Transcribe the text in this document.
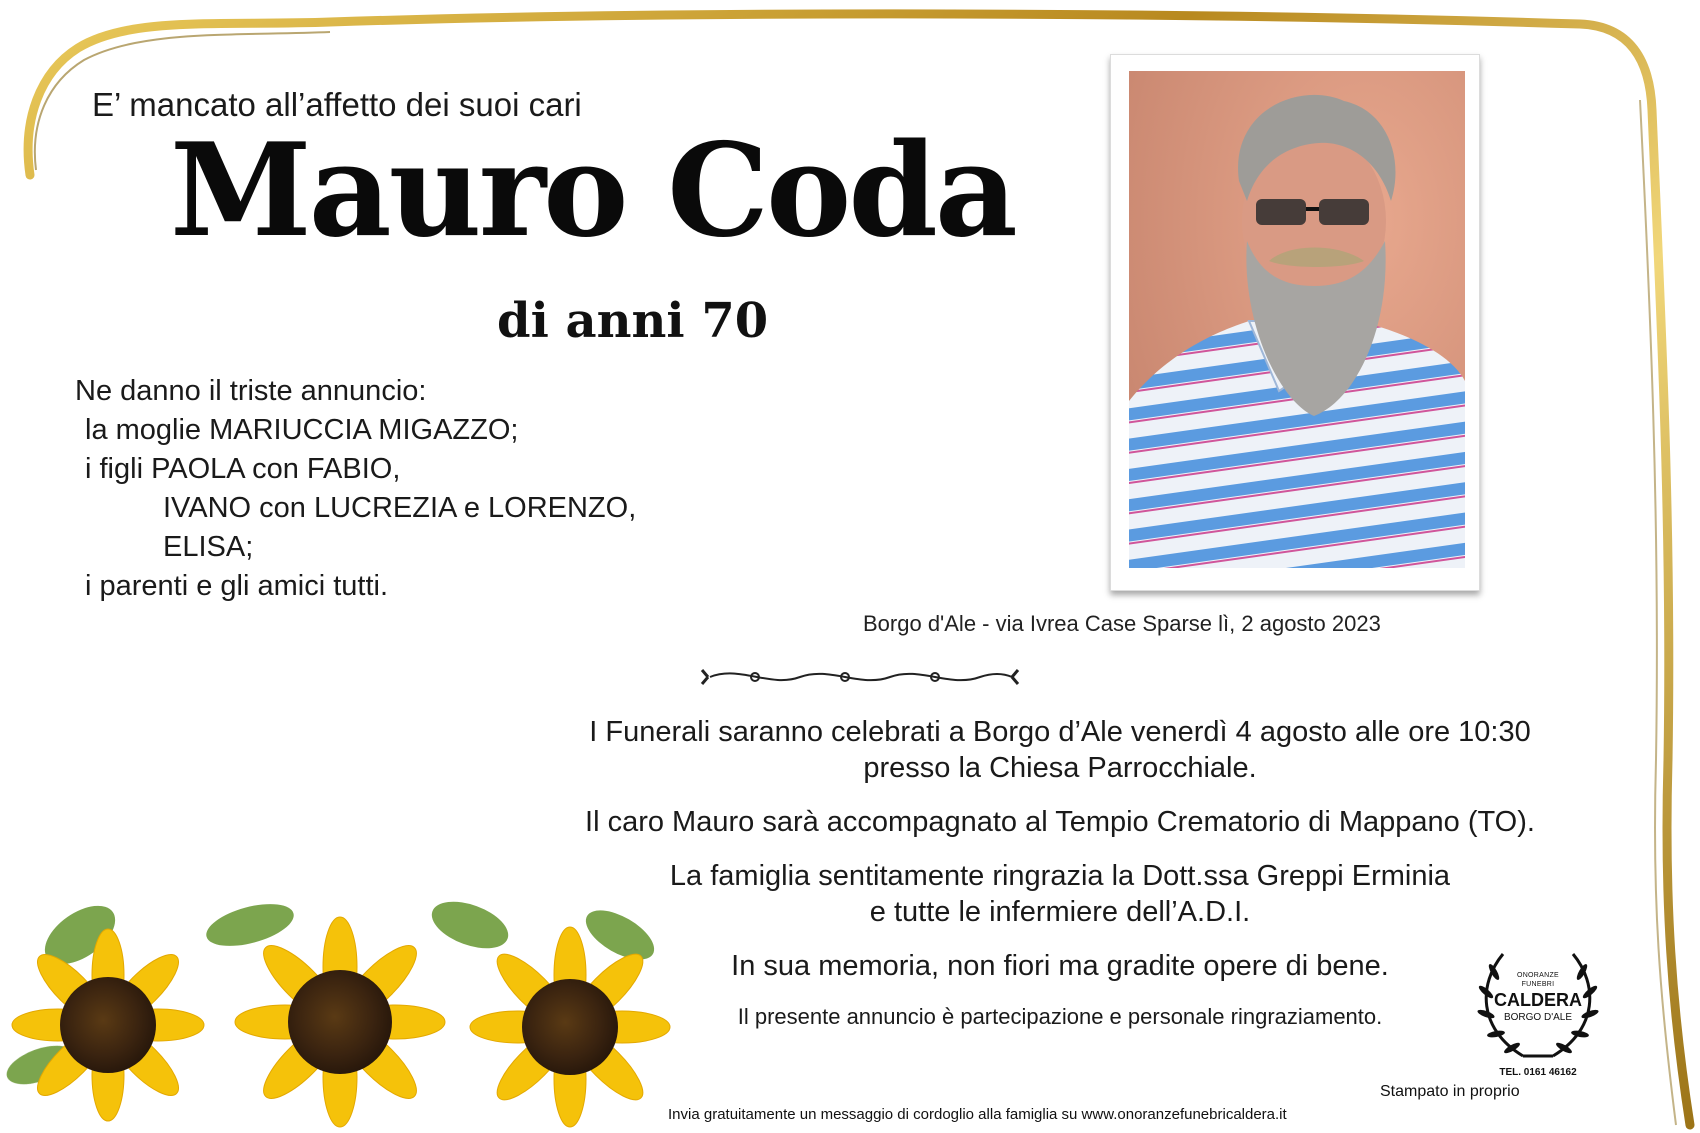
E’ mancato all’affetto dei suoi cari
Mauro Coda
di anni 70
Ne danno il triste annuncio:
la moglie MARIUCCIA MIGAZZO;
i figli PAOLA con FABIO,
IVANO con LUCREZIA e LORENZO,
ELISA;
i parenti e gli amici tutti.
Borgo d'Ale - via Ivrea Case Sparse lì, 2 agosto 2023
I Funerali saranno celebrati a Borgo d’Ale venerdì 4 agosto alle ore 10:30
presso la Chiesa Parrocchiale.
Il caro Mauro sarà accompagnato al Tempio Crematorio di Mappano (TO).
La famiglia sentitamente ringrazia la Dott.ssa Greppi Erminia
e tutte le infermiere dell’A.D.I.
In sua memoria, non fiori ma gradite opere di bene.
Il presente annuncio è partecipazione e personale ringraziamento.
ONORANZE
FUNEBRI
CALDERA
BORGO D'ALE
TEL. 0161 46162
Stampato in proprio
Invia gratuitamente un messaggio di cordoglio alla famiglia su www.onoranzefunebricaldera.it
